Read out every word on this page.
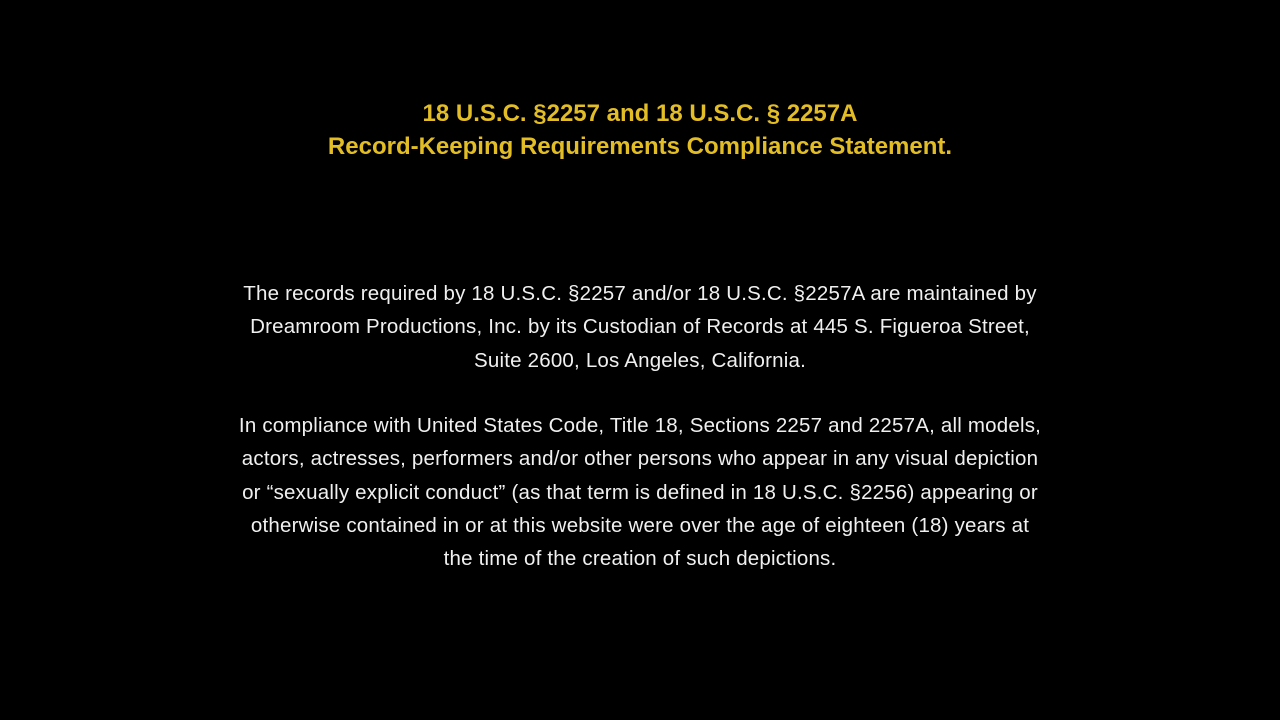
18 U.S.C. §2257 and 18 U.S.C. § 2257A
Record-Keeping Requirements Compliance Statement.
The records required by 18 U.S.C. §2257 and/or 18 U.S.C. §2257A are maintained by
Dreamroom Productions, Inc. by its Custodian of Records at 445 S. Figueroa Street,
Suite 2600, Los Angeles, California.
In compliance with United States Code, Title 18, Sections 2257 and 2257A, all models,
actors, actresses, performers and/or other persons who appear in any visual depiction
or “sexually explicit conduct” (as that term is defined in 18 U.S.C. §2256) appearing or
otherwise contained in or at this website were over the age of eighteen (18) years at
the time of the creation of such depictions.
